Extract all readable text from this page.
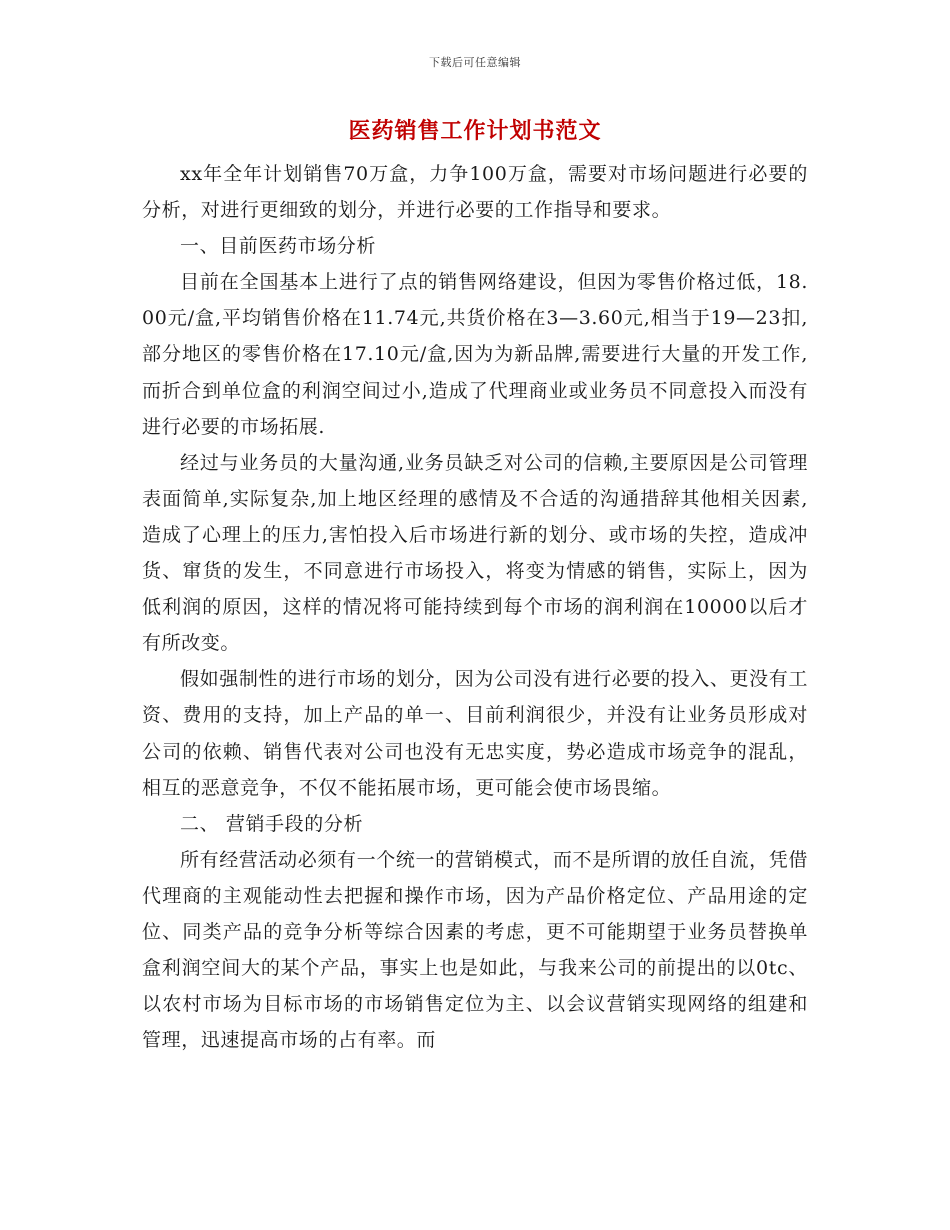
下载后可任意编辑
医药销售工作计划书范文

xx年全年计划销售70万盒，力争100万盒，需要对市场问题进行必要的分析，对进行更细致的划分，并进行必要的工作指导和要求。

一、目前医药市场分析

目前在全国基本上进行了点的销售网络建设，但因为零售价格过低，18.00元/盒,平均销售价格在11.74元,共货价格在3—3.60元,相当于19—23扣,部分地区的零售价格在17.10元/盒,因为为新品牌,需要进行大量的开发工作,而折合到单位盒的利润空间过小,造成了代理商业或业务员不同意投入而没有进行必要的市场拓展.

经过与业务员的大量沟通,业务员缺乏对公司的信赖,主要原因是公司管理表面简单,实际复杂,加上地区经理的感情及不合适的沟通措辞其他相关因素,造成了心理上的压力,害怕投入后市场进行新的划分、或市场的失控，造成冲货、窜货的发生，不同意进行市场投入，将变为情感的销售，实际上，因为低利润的原因，这样的情况将可能持续到每个市场的润利润在10000以后才有所改变。

假如强制性的进行市场的划分，因为公司没有进行必要的投入、更没有工资、费用的支持，加上产品的单一、目前利润很少，并没有让业务员形成对公司的依赖、销售代表对公司也没有无忠实度，势必造成市场竞争的混乱，相互的恶意竞争，不仅不能拓展市场，更可能会使市场畏缩。

二、 营销手段的分析

所有经营活动必须有一个统一的营销模式，而不是所谓的放任自流，凭借代理商的主观能动性去把握和操作市场，因为产品价格定位、产品用途的定位、同类产品的竞争分析等综合因素的考虑，更不可能期望于业务员替换单盒利润空间大的某个产品，事实上也是如此，与我来公司的前提出的以0tc、以农村市场为目标市场的市场销售定位为主、以会议营销实现网络的组建和管理，迅速提高市场的占有率。而
